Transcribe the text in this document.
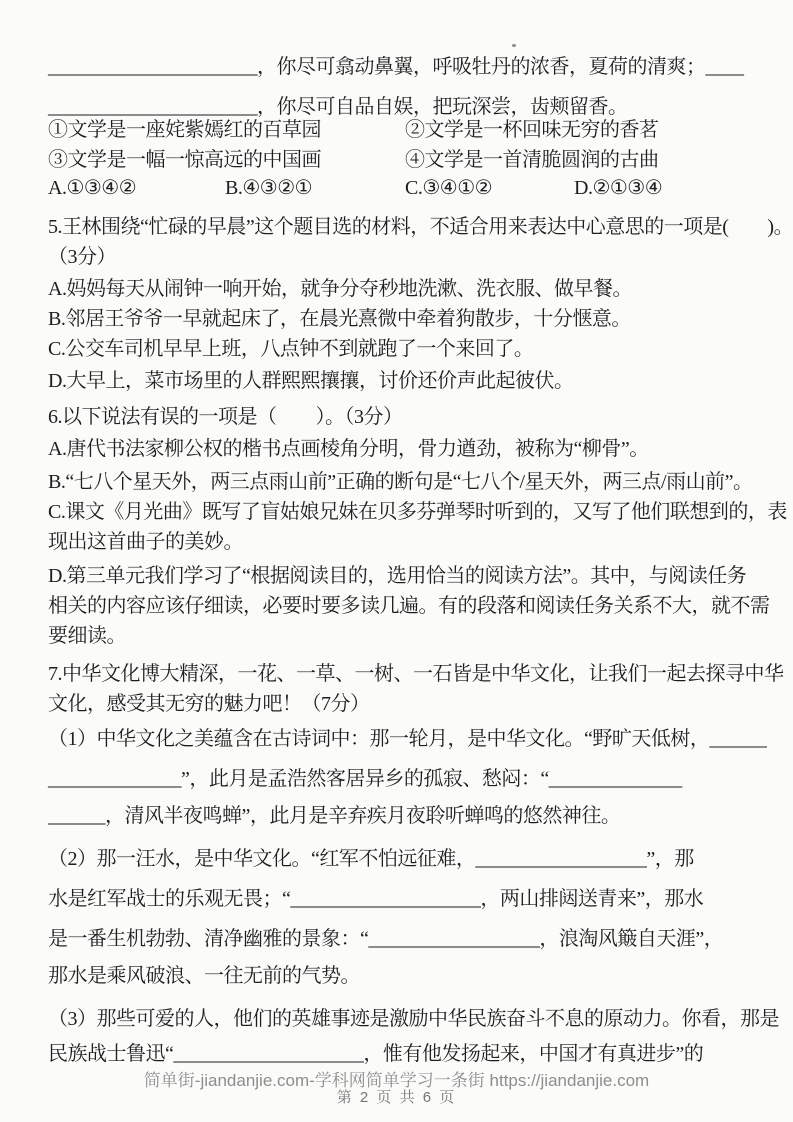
______________________，你尽可翕动鼻翼，呼吸牡丹的浓香，夏荷的清爽；____
______________________，你尽可自品自娱，把玩深尝，齿颊留香。
①文学是一座姹紫嫣红的百草园	②文学是一杯回味无穷的香茗
③文学是一幅一惊高远的中国画	④文学是一首清脆圆润的古曲
A.①③④②	B.④③②①	C.③④①②	D.②①③④
5.王林围绕“忙碌的早晨”这个题目选的材料，不适合用来表达中心意思的一项是(　　)。
（3分）
A.妈妈每天从闹钟一响开始，就争分夺秒地洗漱、洗衣服、做早餐。
B.邻居王爷爷一早就起床了，在晨光熹微中牵着狗散步，十分惬意。
C.公交车司机早早上班，八点钟不到就跑了一个来回了。
D.大早上，菜市场里的人群熙熙攘攘，讨价还价声此起彼伏。
6.以下说法有误的一项是（　　）。（3分）
A.唐代书法家柳公权的楷书点画棱角分明，骨力遒劲，被称为“柳骨”。
B.“七八个星天外，两三点雨山前”正确的断句是“七八个/星天外，两三点/雨山前”。
C.课文《月光曲》既写了盲姑娘兄妹在贝多芬弹琴时听到的，又写了他们联想到的，表
现出这首曲子的美妙。
D.第三单元我们学习了“根据阅读目的，选用恰当的阅读方法”。其中，与阅读任务
相关的内容应该仔细读，必要时要多读几遍。有的段落和阅读任务关系不大，就不需
要细读。
7.中华文化博大精深，一花、一草、一树、一石皆是中华文化，让我们一起去探寻中华
文化，感受其无穷的魅力吧！（7分）
（1）中华文化之美蕴含在古诗词中：那一轮月，是中华文化。“野旷天低树，______
______________”，此月是孟浩然客居异乡的孤寂、愁闷：“______________
______，清风半夜鸣蝉”，此月是辛弃疾月夜聆听蝉鸣的悠然神往。
（2）那一汪水，是中华文化。“红军不怕远征难，__________________”，那
水是红军战士的乐观无畏；“____________________，两山排闼送青来”，那水
是一番生机勃勃、清净幽雅的景象：“__________________，浪淘风簸自天涯”，
那水是乘风破浪、一往无前的气势。
（3）那些可爱的人，他们的英雄事迹是激励中华民族奋斗不息的原动力。你看，那是
民族战士鲁迅“____________________，惟有他发扬起来，中国才有真进步”的
简单街-jiandanjie.com-学科网简单学习一条街 https://jiandanjie.com
第 2 页 共 6 页
